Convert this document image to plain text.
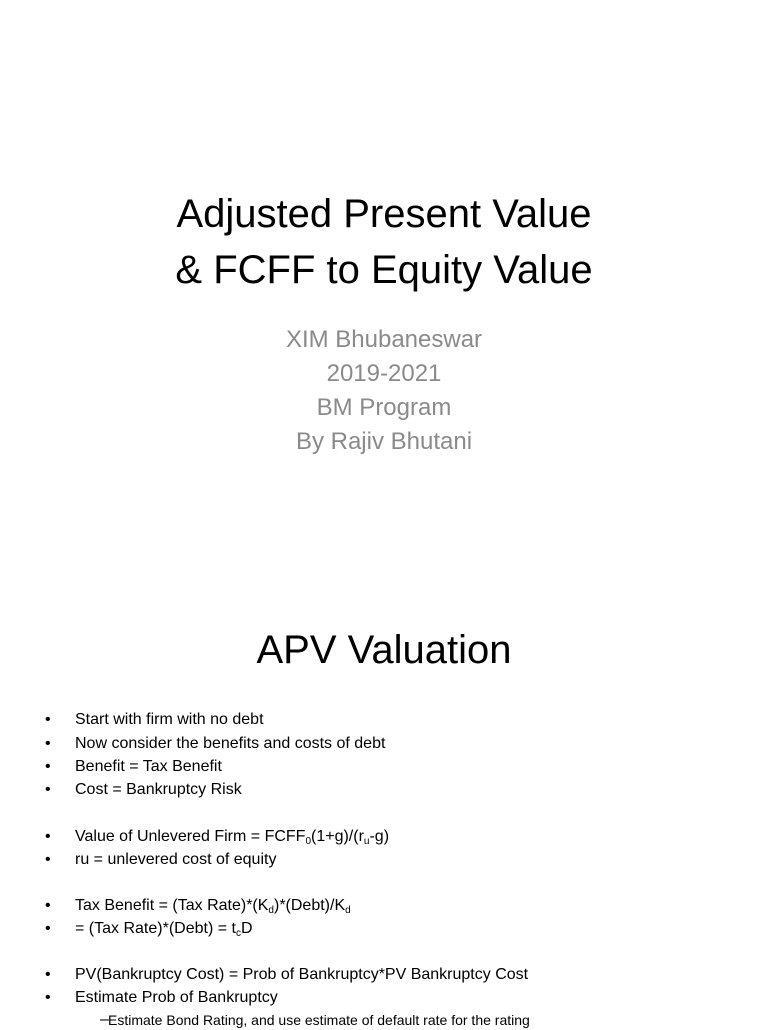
Adjusted Present Value
& FCFF to Equity Value
XIM Bhubaneswar
2019-2021
BM Program
By Rajiv Bhutani
APV Valuation
• Start with firm with no debt
• Now consider the benefits and costs of debt
• Benefit = Tax Benefit
• Cost = Bankruptcy Risk
• Value of Unlevered Firm = $FCFF_0(1+g)/(r_u-g)$
• ru = unlevered cost of equity
• Tax Benefit = (Tax $Rate)*(K_d)*(Debt)/K_d$
• = (Tax Rate)*(Debt) = $t_cD$
• PV(Bankruptcy Cost) = Prob of Bankruptcy*PV Bankruptcy Cost
• Estimate Prob of Bankruptcy
– Estimate Bond Rating, and use estimate of default rate for the rating
